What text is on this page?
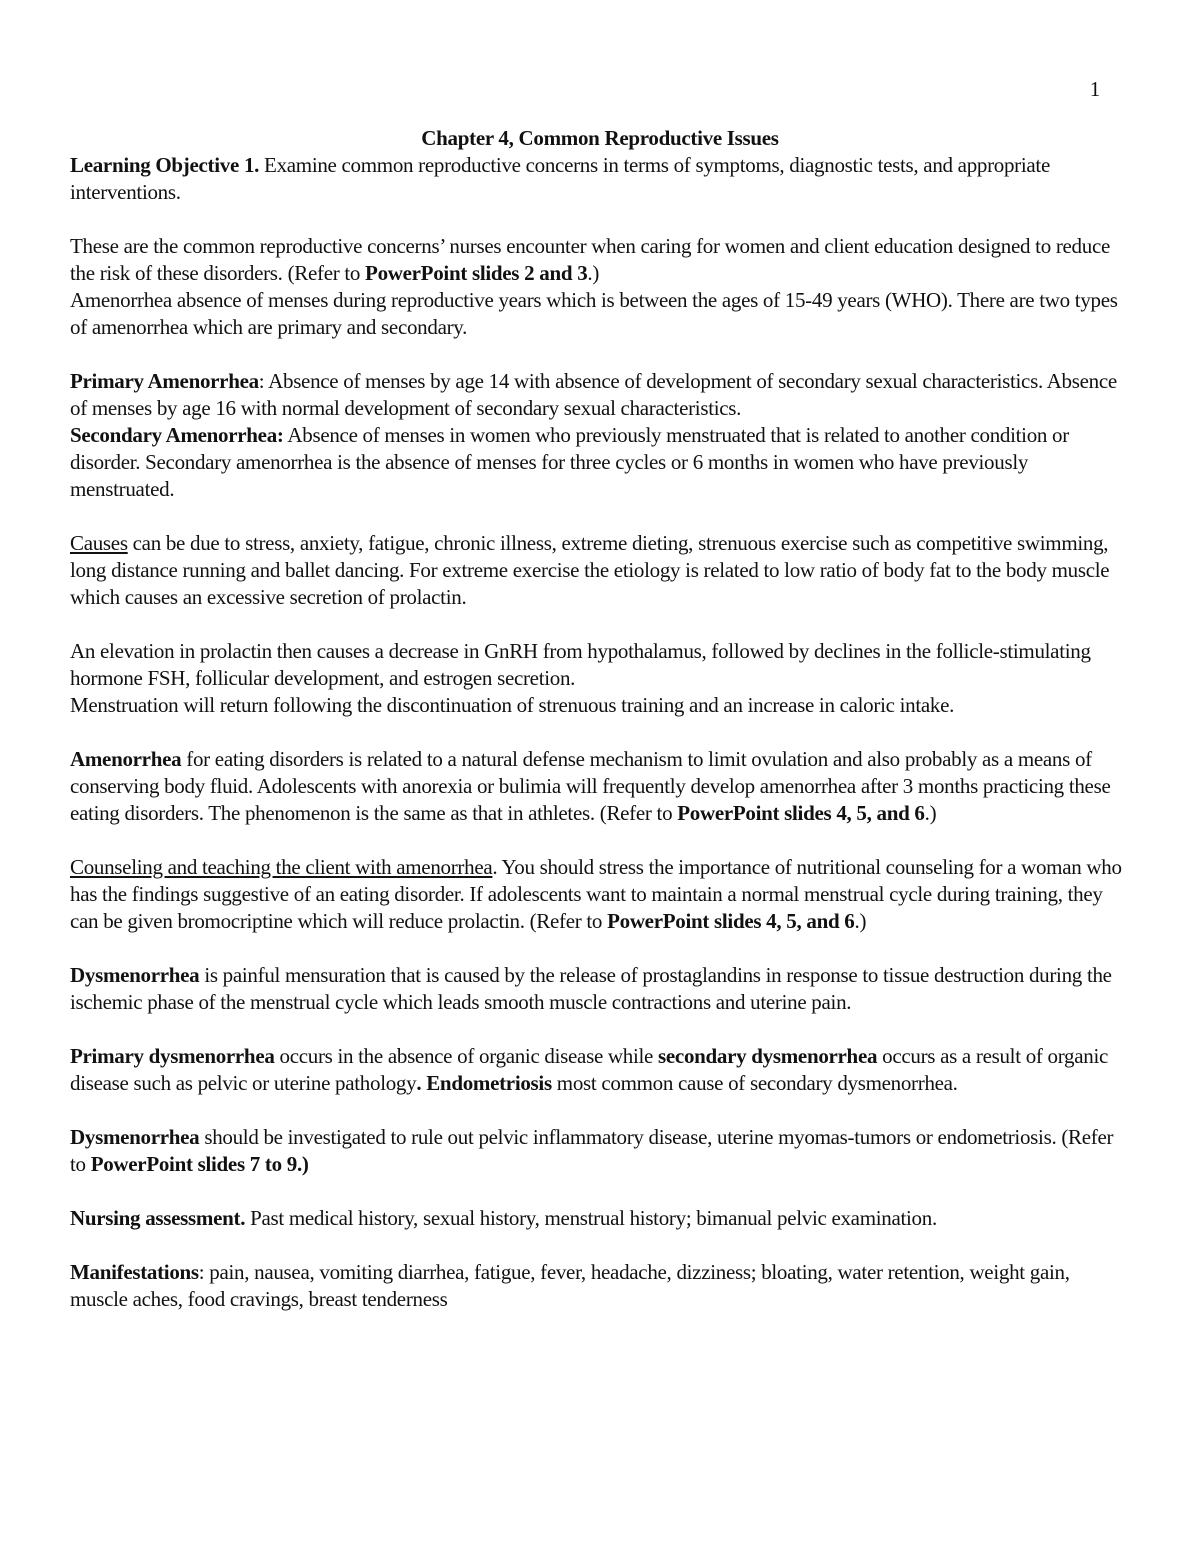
1

Chapter 4, Common Reproductive Issues

Learning Objective 1. Examine common reproductive concerns in terms of symptoms, diagnostic tests, and appropriate interventions.

These are the common reproductive concerns’ nurses encounter when caring for women and client education designed to reduce the risk of these disorders. (Refer to PowerPoint slides 2 and 3.)

Amenorrhea absence of menses during reproductive years which is between the ages of 15-49 years (WHO). There are two types of amenorrhea which are primary and secondary.

Primary Amenorrhea: Absence of menses by age 14 with absence of development of secondary sexual characteristics. Absence of menses by age 16 with normal development of secondary sexual characteristics.

Secondary Amenorrhea: Absence of menses in women who previously menstruated that is related to another condition or disorder. Secondary amenorrhea is the absence of menses for three cycles or 6 months in women who have previously menstruated.

Causes can be due to stress, anxiety, fatigue, chronic illness, extreme dieting, strenuous exercise such as competitive swimming, long distance running and ballet dancing. For extreme exercise the etiology is related to low ratio of body fat to the body muscle which causes an excessive secretion of prolactin.

An elevation in prolactin then causes a decrease in GnRH from hypothalamus, followed by declines in the follicle-stimulating hormone FSH, follicular development, and estrogen secretion.

Menstruation will return following the discontinuation of strenuous training and an increase in caloric intake.

Amenorrhea for eating disorders is related to a natural defense mechanism to limit ovulation and also probably as a means of conserving body fluid. Adolescents with anorexia or bulimia will frequently develop amenorrhea after 3 months practicing these eating disorders. The phenomenon is the same as that in athletes. (Refer to PowerPoint slides 4, 5, and 6.)

Counseling and teaching the client with amenorrhea. You should stress the importance of nutritional counseling for a woman who has the findings suggestive of an eating disorder. If adolescents want to maintain a normal menstrual cycle during training, they can be given bromocriptine which will reduce prolactin. (Refer to PowerPoint slides 4, 5, and 6.)

Dysmenorrhea is painful mensuration that is caused by the release of prostaglandins in response to tissue destruction during the ischemic phase of the menstrual cycle which leads smooth muscle contractions and uterine pain.

Primary dysmenorrhea occurs in the absence of organic disease while secondary dysmenorrhea occurs as a result of organic disease such as pelvic or uterine pathology. Endometriosis most common cause of secondary dysmenorrhea.

Dysmenorrhea should be investigated to rule out pelvic inflammatory disease, uterine myomas-tumors or endometriosis. (Refer to PowerPoint slides 7 to 9.)

Nursing assessment. Past medical history, sexual history, menstrual history; bimanual pelvic examination.

Manifestations: pain, nausea, vomiting diarrhea, fatigue, fever, headache, dizziness; bloating, water retention, weight gain, muscle aches, food cravings, breast tenderness
